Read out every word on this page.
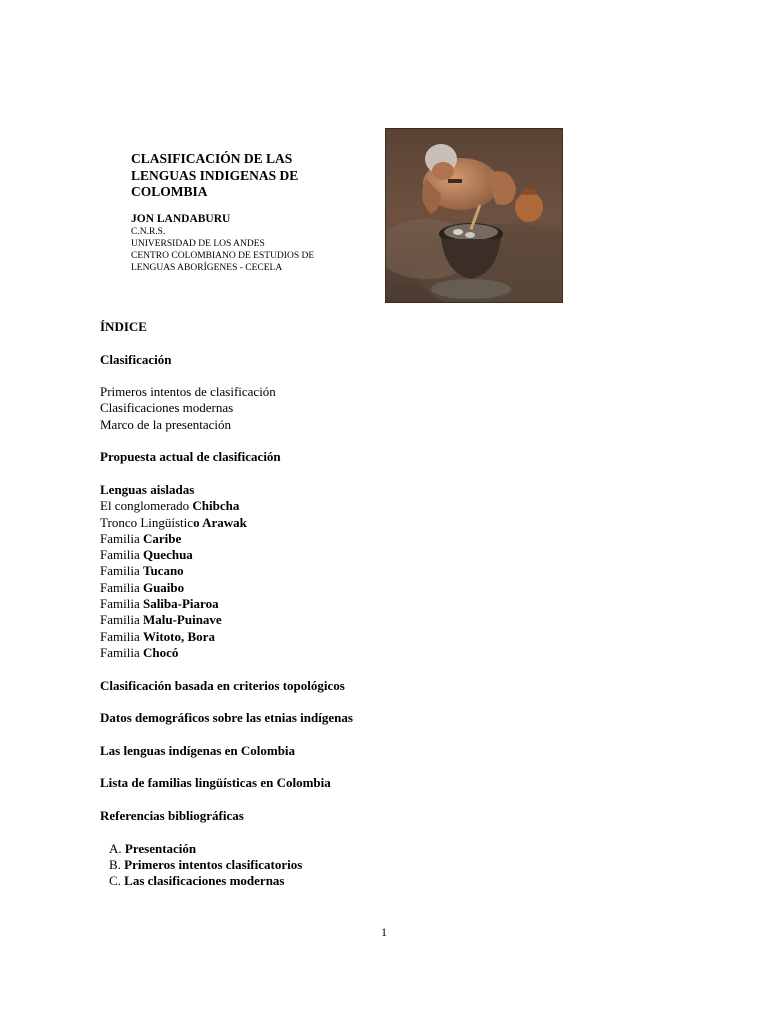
CLASIFICACIÓN DE LAS
LENGUAS INDIGENAS DE
COLOMBIA
JON LANDABURU
C.N.R.S.
UNIVERSIDAD DE LOS ANDES
CENTRO COLOMBIANO DE ESTUDIOS DE
LENGUAS ABORÍGENES - CECELA
ÍNDICE
Clasificación
Primeros intentos de clasificación
Clasificaciones modernas
Marco de la presentación
Propuesta actual de clasificación
Lenguas aisladas
El conglomerado Chibcha
Tronco Lingüístico Arawak
Familia Caribe
Familia Quechua
Familia Tucano
Familia Guaibo
Familia Saliba-Piaroa
Familia Malu-Puinave
Familia Witoto, Bora
Familia Chocó
Clasificación basada en criterios topológicos
Datos demográficos sobre las etnias indígenas
Las lenguas indígenas en Colombia
Lista de familias lingüísticas en Colombia
Referencias bibliográficas
A. Presentación
B. Primeros intentos clasificatorios
C. Las clasificaciones modernas
1
